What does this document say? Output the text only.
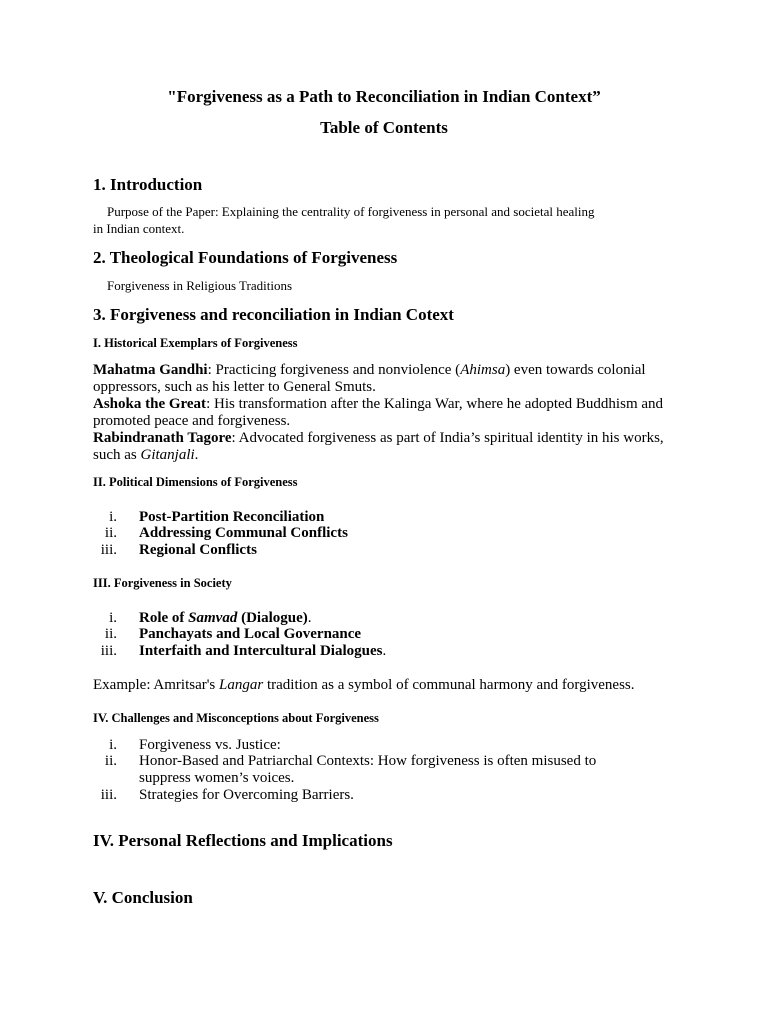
"Forgiveness as a Path to Reconciliation in Indian Context”
Table of Contents
1. Introduction
Purpose of the Paper: Explaining the centrality of forgiveness in personal and societal healing
in Indian context.
2. Theological Foundations of Forgiveness
Forgiveness in Religious Traditions
3. Forgiveness and reconciliation in Indian Cotext
I. Historical Exemplars of Forgiveness
Mahatma Gandhi: Practicing forgiveness and nonviolence (Ahimsa) even towards colonial oppressors, such as his letter to General Smuts.
Ashoka the Great: His transformation after the Kalinga War, where he adopted Buddhism and promoted peace and forgiveness.
Rabindranath Tagore: Advocated forgiveness as part of India’s spiritual identity in his works, such as Gitanjali.
II. Political Dimensions of Forgiveness
i. Post-Partition Reconciliation
ii. Addressing Communal Conflicts
iii. Regional Conflicts
III. Forgiveness in Society
i. Role of Samvad (Dialogue).
ii. Panchayats and Local Governance
iii. Interfaith and Intercultural Dialogues.
Example: Amritsar's Langar tradition as a symbol of communal harmony and forgiveness.
IV. Challenges and Misconceptions about Forgiveness
i. Forgiveness vs. Justice:
ii. Honor-Based and Patriarchal Contexts: How forgiveness is often misused to
suppress women’s voices.
iii. Strategies for Overcoming Barriers.
IV. Personal Reflections and Implications
V. Conclusion
